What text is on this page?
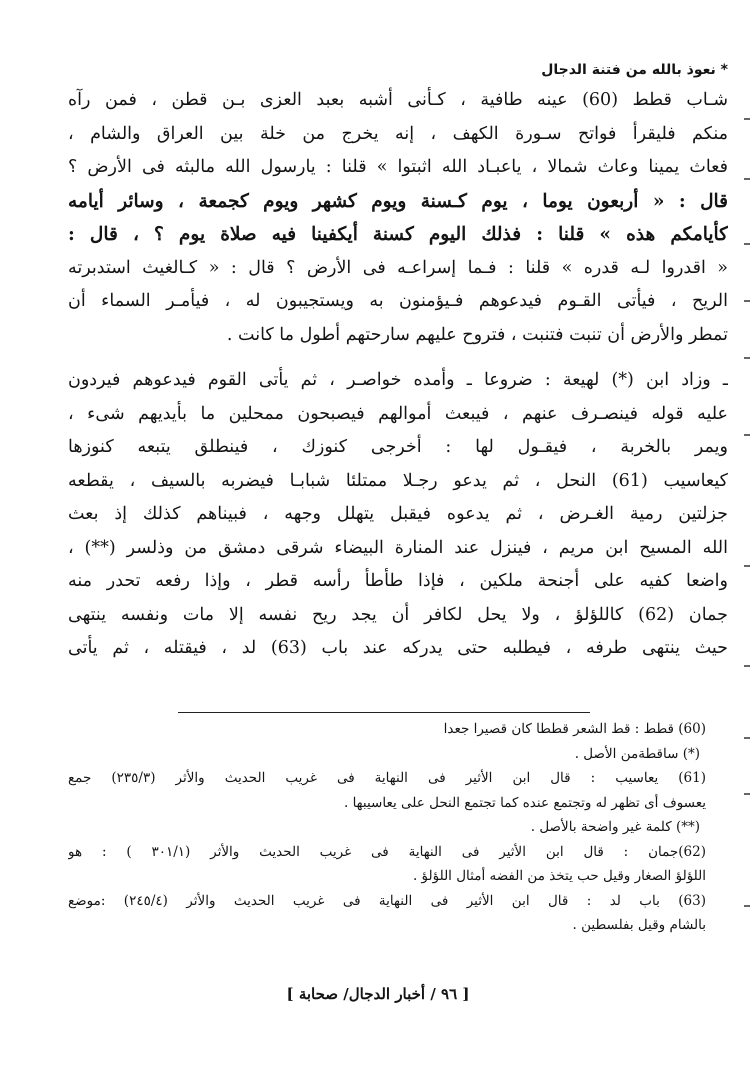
* نعوذ بالله من فتنة الدجال
شـاب قطط (60) عينه طافية ، كـأنى أشبه بعبد العزى بـن قطن ، فمن رآه
منكم فليقرأ فواتح سـورة الكهف ، إنه يخرج من خلة بين العراق والشام ،
فعاث يمينا وعاث شمالا ، ياعبـاد الله اثبتوا » قلنا : يارسول الله مالبثه فى الأرض ؟
قال : « أربعون يوما ، يوم كـسنة ويوم كشهر ويوم كجمعة ، وسائر أيامه
كأيامكم هذه » قلنا : فذلك اليوم كسنة أيكفينا فيه صلاة يوم ؟ ، قال :
« اقدروا لـه قدره » قلنا : فـما إسراعـه فى الأرض ؟ قال : « كـالغيث استدبرته
الريح ، فيأتى القـوم فيدعوهم فـيؤمنون به ويستجيبون له ، فيأمـر السماء أن
تمطر والأرض أن تنبت فتنبت ، فتروح عليهم سارحتهم أطول ما كانت .
ـ وزاد ابن (*) لهيعة : ضروعا ـ وأمده خواصـر ، ثم يأتى القوم فيدعوهم فيردون
عليه قوله فينصـرف عنهم ، فيبعث أموالهم فيصبحون ممحلين ما بأيديهم شىء ،
ويمر بالخربة ، فيقـول لها : أخرجى كنوزك ، فينطلق يتبعه كنوزها
كيعاسيب (61) النحل ، ثم يدعو رجـلا ممتلئا شبابـا فيضربه بالسيف ، يقطعه
جزلتين رمية الغـرض ، ثم يدعوه فيقبل يتهلل وجهه ، فبيناهم كذلك إذ بعث
الله المسيح ابن مريم ، فينزل عند المنارة البيضاء شرقى دمشق من وذلسر (**) ،
واضعا كفيه على أجنحة ملكين ، فإذا طأطأ رأسه قطر ، وإذا رفعه تحدر منه
جمان (62) كاللؤلؤ ، ولا يحل لكافر أن يجد ريح نفسه إلا مات ونفسه ينتهى
حيث ينتهى طرفه ، فيطلبه حتى يدركه عند باب (63) لد ، فيقتله ، ثم يأتى
(60) قطط : قط الشعر قططا كان قصيرا جعدا
(*) ساقطةمن الأصل .
(61) يعاسيب : قال ابن الأثير فى النهاية فى غريب الحديث والأثر (٢٣٥/٣) جمع
يعسوف أى تظهر له وتجتمع عنده كما تجتمع النحل على يعاسيبها .
(**) كلمة غير واضحة بالأصل .
(62)جمان : قال ابن الأثير فى النهاية فى غريب الحديث والأثر (٣٠١/١ ) : هو
اللؤلؤ الصغار وقيل حب يتخذ من الفضه أمثال اللؤلؤ .
(63) باب لد : قال ابن الأثير فى النهاية فى غريب الحديث والأثر (٢٤٥/٤) :موضع
بالشام وقيل بفلسطين .
[ ٩٦ / أخبار الدجال/ صحابة ]
